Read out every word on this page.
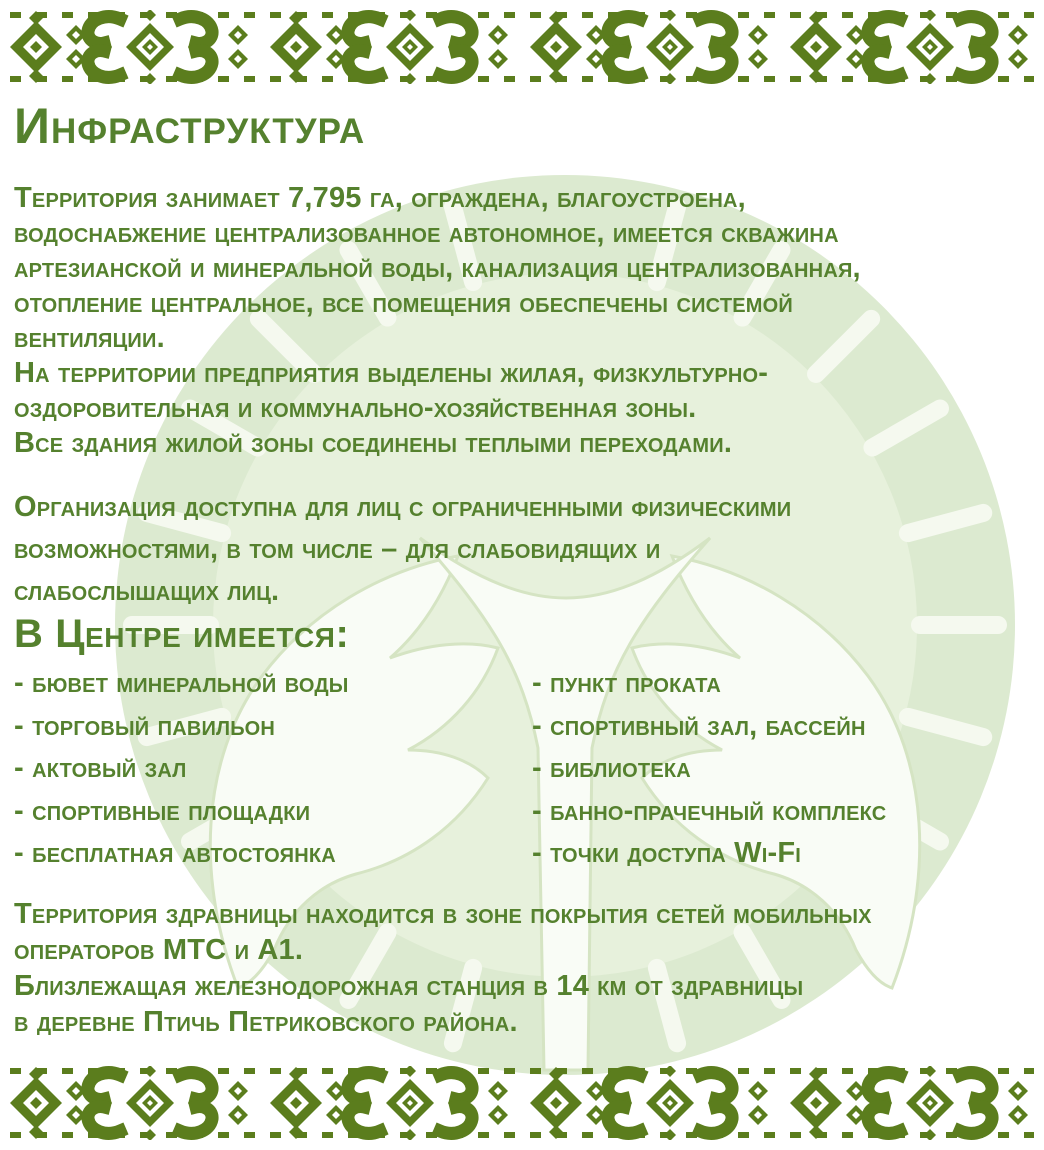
Инфраструктура
Территория занимает 7,795 га, ограждена, благоустроена,
водоснабжение централизованное автономное, имеется скважина
артезианской и минеральной воды, канализация централизованная,
отопление центральное, все помещения обеспечены системой
вентиляции.
На территории предприятия выделены жилая, физкультурно-
оздоровительная и коммунально-хозяйственная зоны.
Все здания жилой зоны соединены теплыми переходами.
Организация доступна для лиц с ограниченными физическими
возможностями, в том числе – для слабовидящих и
слабослышащих лиц.
В Центре имеется:
- бювет минеральной воды
- торговый павильон
- актовый зал
- спортивные площадки
- бесплатная автостоянка
- пункт проката
- спортивный зал, бассейн
- библиотека
- банно-прачечный комплекс
- точки доступа Wi-Fi
Территория здравницы находится в зоне покрытия сетей мобильных
операторов МТС и А1.
Близлежащая железнодорожная станция в 14 км от здравницы
в деревне Птичь Петриковского района.
